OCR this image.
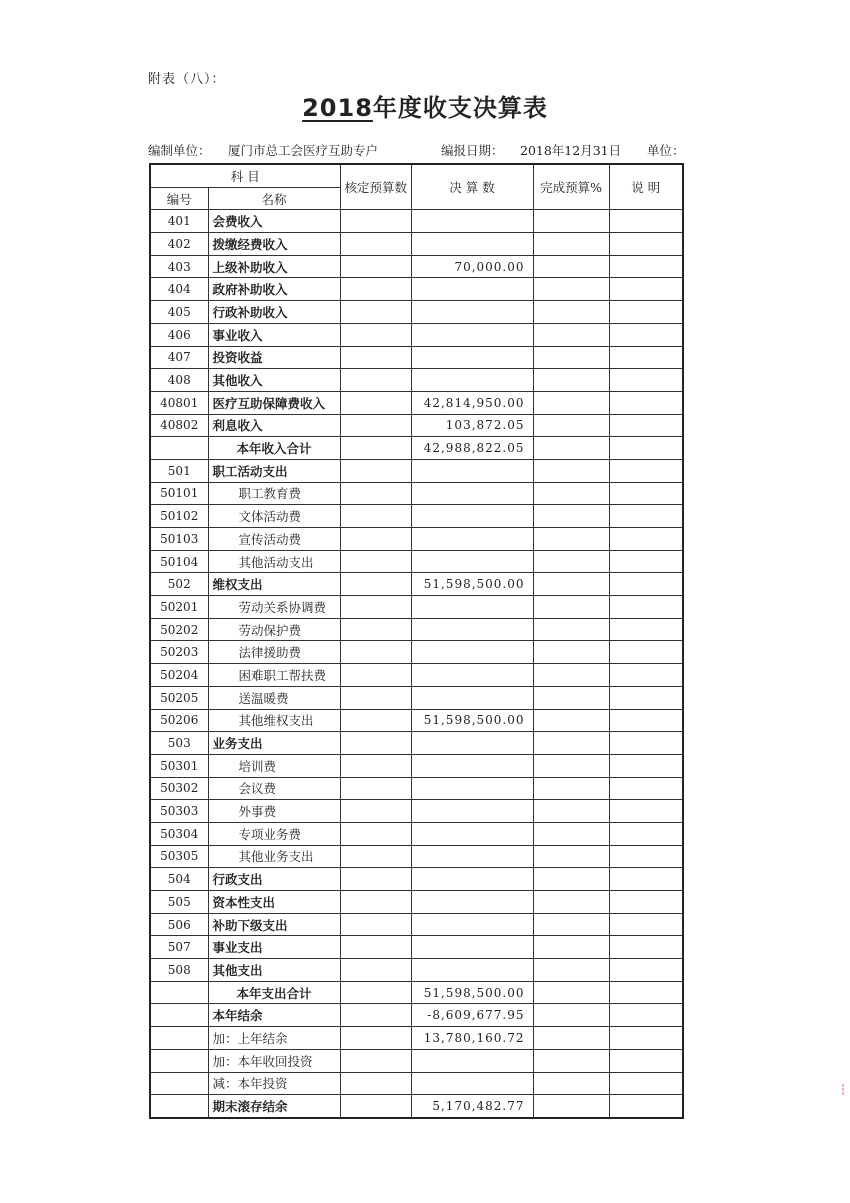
附表（八）：
2018年度收支决算表
编制单位： 厦门市总工会医疗互助专户	编报日期： 2018年12月31日 单位：
科 目		核定预算数	决 算 数	完成预算%	说 明
编号	名称				
401	会费收入				
402	拨缴经费收入				
403	上级补助收入		70,000.00		
404	政府补助收入				
405	行政补助收入				
406	事业收入				
407	投资收益				
408	其他收入				
40801	医疗互助保障费收入		42,814,950.00		
40802	利息收入		103,872.05		
	本年收入合计		42,988,822.05		
501	职工活动支出				
50101	职工教育费				
50102	文体活动费				
50103	宣传活动费				
50104	其他活动支出				
502	维权支出		51,598,500.00		
50201	劳动关系协调费				
50202	劳动保护费				
50203	法律援助费				
50204	困难职工帮扶费				
50205	送温暖费				
50206	其他维权支出		51,598,500.00		
503	业务支出				
50301	培训费				
50302	会议费				
50303	外事费				
50304	专项业务费				
50305	其他业务支出				
504	行政支出				
505	资本性支出				
506	补助下级支出				
507	事业支出				
508	其他支出				
	本年支出合计		51,598,500.00		
	本年结余		-8,609,677.95		
	加：上年结余		13,780,160.72		
	加：本年收回投资				
	减：本年投资				
	期末滚存结余		5,170,482.77		
┆
